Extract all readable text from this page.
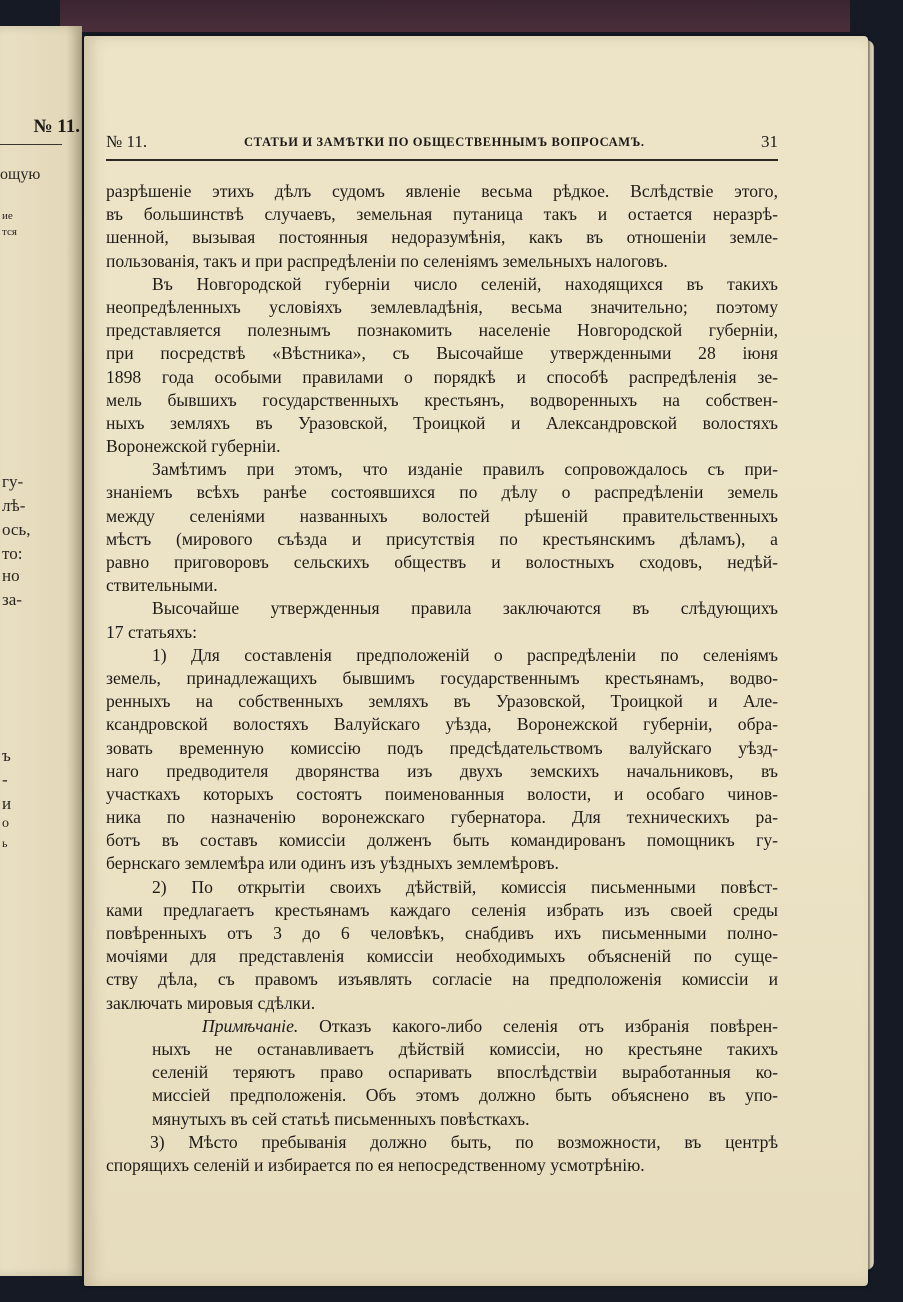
№ 11.
ощую
ие
тся
гу-
лѣ-
ось,
то:
но
за-
ъ
-
и
о
ь
№ 11.	СТАТЬИ И ЗАМѢТКИ ПО ОБЩЕСТВЕННЫМЪ ВОПРОСАМЪ.	31
разрѣшеніе этихъ дѣлъ судомъ явленіе весьма рѣдкое. Вслѣдствіе этого,
въ большинствѣ случаевъ, земельная путаница такъ и остается неразрѣ-
шенной, вызывая постоянныя недоразумѣнія, какъ въ отношеніи земле-
пользованія, такъ и при распредѣленіи по селеніямъ земельныхъ налоговъ.
Въ Новгородской губерніи число селеній, находящихся въ такихъ
неопредѣленныхъ условіяхъ землевладѣнія, весьма значительно; поэтому
представляется полезнымъ познакомить населеніе Новгородской губерніи,
при посредствѣ «Вѣстника», съ Высочайше утвержденными 28 іюня
1898 года особыми правилами о порядкѣ и способѣ распредѣленія зе-
мель бывшихъ государственныхъ крестьянъ, водворенныхъ на собствен-
ныхъ земляхъ въ Уразовской, Троицкой и Александровской волостяхъ
Воронежской губерніи.
Замѣтимъ при этомъ, что изданіе правилъ сопровождалось съ при-
знаніемъ всѣхъ ранѣе состоявшихся по дѣлу о распредѣленіи земель
между селеніями названныхъ волостей рѣшеній правительственныхъ
мѣстъ (мирового съѣзда и присутствія по крестьянскимъ дѣламъ), а
равно приговоровъ сельскихъ обществъ и волостныхъ сходовъ, недѣй-
ствительными.
Высочайше утвержденныя правила заключаются въ слѣдующихъ
17 статьяхъ:
1) Для составленія предположеній о распредѣленіи по селеніямъ
земель, принадлежащихъ бывшимъ государственнымъ крестьянамъ, водво-
ренныхъ на собственныхъ земляхъ въ Уразовской, Троицкой и Але-
ксандровской волостяхъ Валуйскаго уѣзда, Воронежской губерніи, обра-
зовать временную комиссію подъ предсѣдательствомъ валуйскаго уѣзд-
наго предводителя дворянства изъ двухъ земскихъ начальниковъ, въ
участкахъ которыхъ состоятъ поименованныя волости, и особаго чинов-
ника по назначенію воронежскаго губернатора. Для техническихъ ра-
ботъ въ составъ комиссіи долженъ быть командированъ помощникъ гу-
бернскаго землемѣра или одинъ изъ уѣздныхъ землемѣровъ.
2) По открытіи своихъ дѣйствій, комиссія письменными повѣст-
ками предлагаетъ крестьянамъ каждаго селенія избрать изъ своей среды
повѣренныхъ отъ 3 до 6 человѣкъ, снабдивъ ихъ письменными полно-
мочіями для представленія комиссіи необходимыхъ объясненій по суще-
ству дѣла, съ правомъ изъявлять согласіе на предположенія комиссіи и
заключать мировыя сдѣлки.
Примѣчаніе. Отказъ какого-либо селенія отъ избранія повѣрен-
ныхъ не останавливаетъ дѣйствій комиссіи, но крестьяне такихъ
селеній теряютъ право оспаривать впослѣдствіи выработанныя ко-
миссіей предположенія. Объ этомъ должно быть объяснено въ упо-
мянутыхъ въ сей статьѣ письменныхъ повѣсткахъ.
3) Мѣсто пребыванія должно быть, по возможности, въ центрѣ
спорящихъ селеній и избирается по ея непосредственному усмотрѣнію.
